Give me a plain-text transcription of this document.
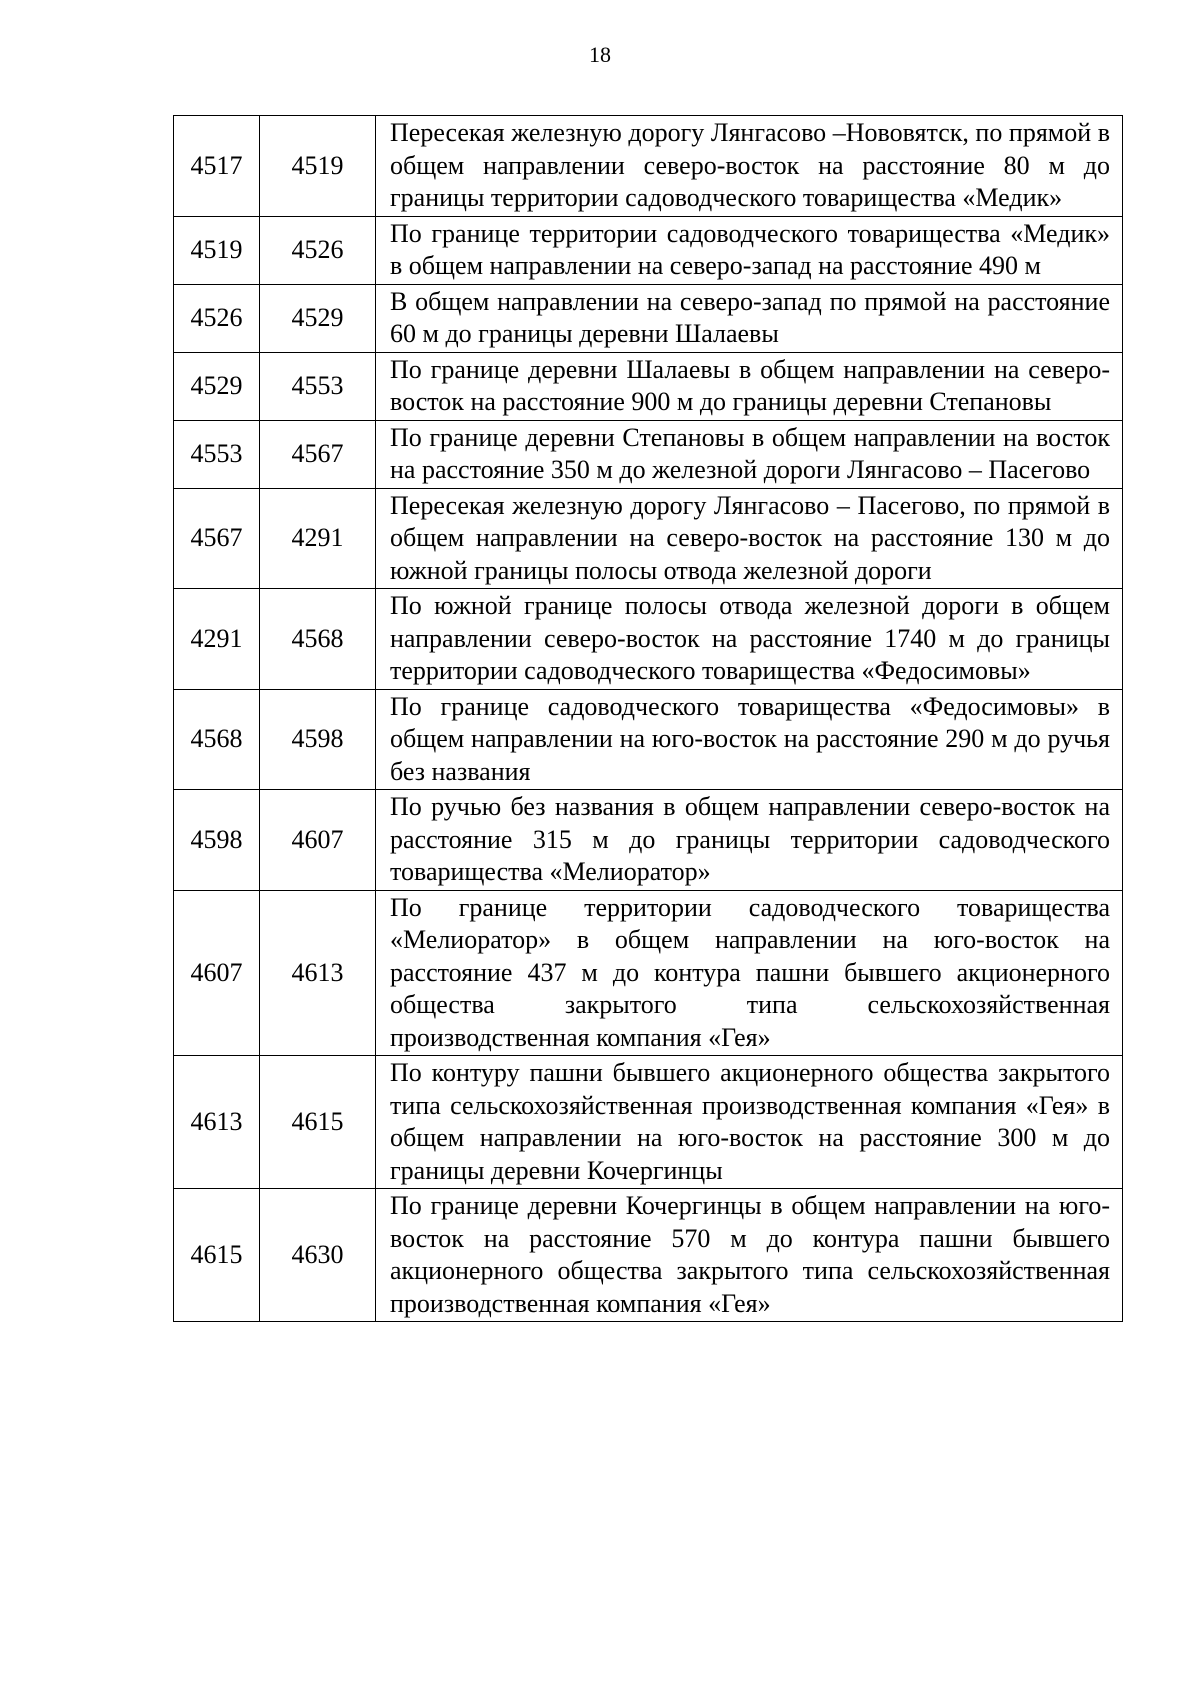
18
4517	4519	Пересекая железную дорогу Лянгасово –Нововятск, по прямой в общем направлении северо-восток на расстояние 80 м до границы территории садоводческого товарищества «Медик»
4519	4526	По границе территории садоводческого товарищества «Медик» в общем направлении на северо-запад на расстояние 490 м
4526	4529	В общем направлении на северо-запад по прямой на расстояние 60 м до границы деревни Шалаевы
4529	4553	По границе деревни Шалаевы в общем направлении на северо-восток на расстояние 900 м до границы деревни Степановы
4553	4567	По границе деревни Степановы в общем направлении на восток на расстояние 350 м до железной дороги Лянгасово – Пасегово
4567	4291	Пересекая железную дорогу Лянгасово – Пасегово, по прямой в общем направлении на северо-восток на расстояние 130 м до южной границы полосы отвода железной дороги
4291	4568	По южной границе полосы отвода железной дороги в общем направлении северо-восток на расстояние 1740 м до границы территории садоводческого товарищества «Федосимовы»
4568	4598	По границе садоводческого товарищества «Федосимовы» в общем направлении на юго-восток на расстояние 290 м до ручья без названия
4598	4607	По ручью без названия в общем направлении северо-восток на расстояние 315 м до границы территории садоводческого товарищества «Мелиоратор»
4607	4613	По границе территории садоводческого товарищества «Мелиоратор» в общем направлении на юго-восток на расстояние 437 м до контура пашни бывшего акционерного общества закрытого типа сельскохозяйственная производственная компания «Гея»
4613	4615	По контуру пашни бывшего акционерного общества закрытого типа сельскохозяйственная производственная компания «Гея» в общем направлении на юго-восток на расстояние 300 м до границы деревни Кочергинцы
4615	4630	По границе деревни Кочергинцы в общем направлении на юго-восток на расстояние 570 м до контура пашни бывшего акционерного общества закрытого типа сельскохозяйственная производственная компания «Гея»
